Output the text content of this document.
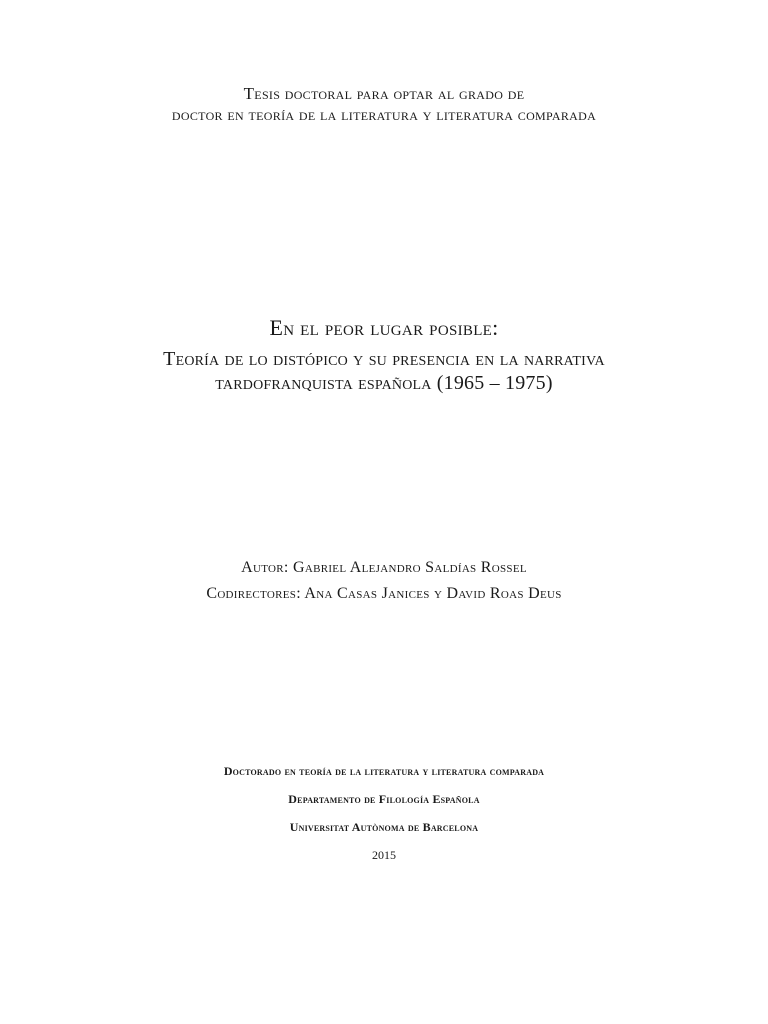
Tesis doctoral para optar al grado de
doctor en teoría de la literatura y literatura comparada
En el peor lugar posible:
Teoría de lo distópico y su presencia en la narrativa
tardofranquista española (1965 – 1975)
Autor: Gabriel Alejandro Saldías Rossel
Codirectores: Ana Casas Janices y David Roas Deus
Doctorado en teoría de la literatura y literatura comparada
Departamento de Filología Española
Universitat Autònoma de Barcelona
2015
